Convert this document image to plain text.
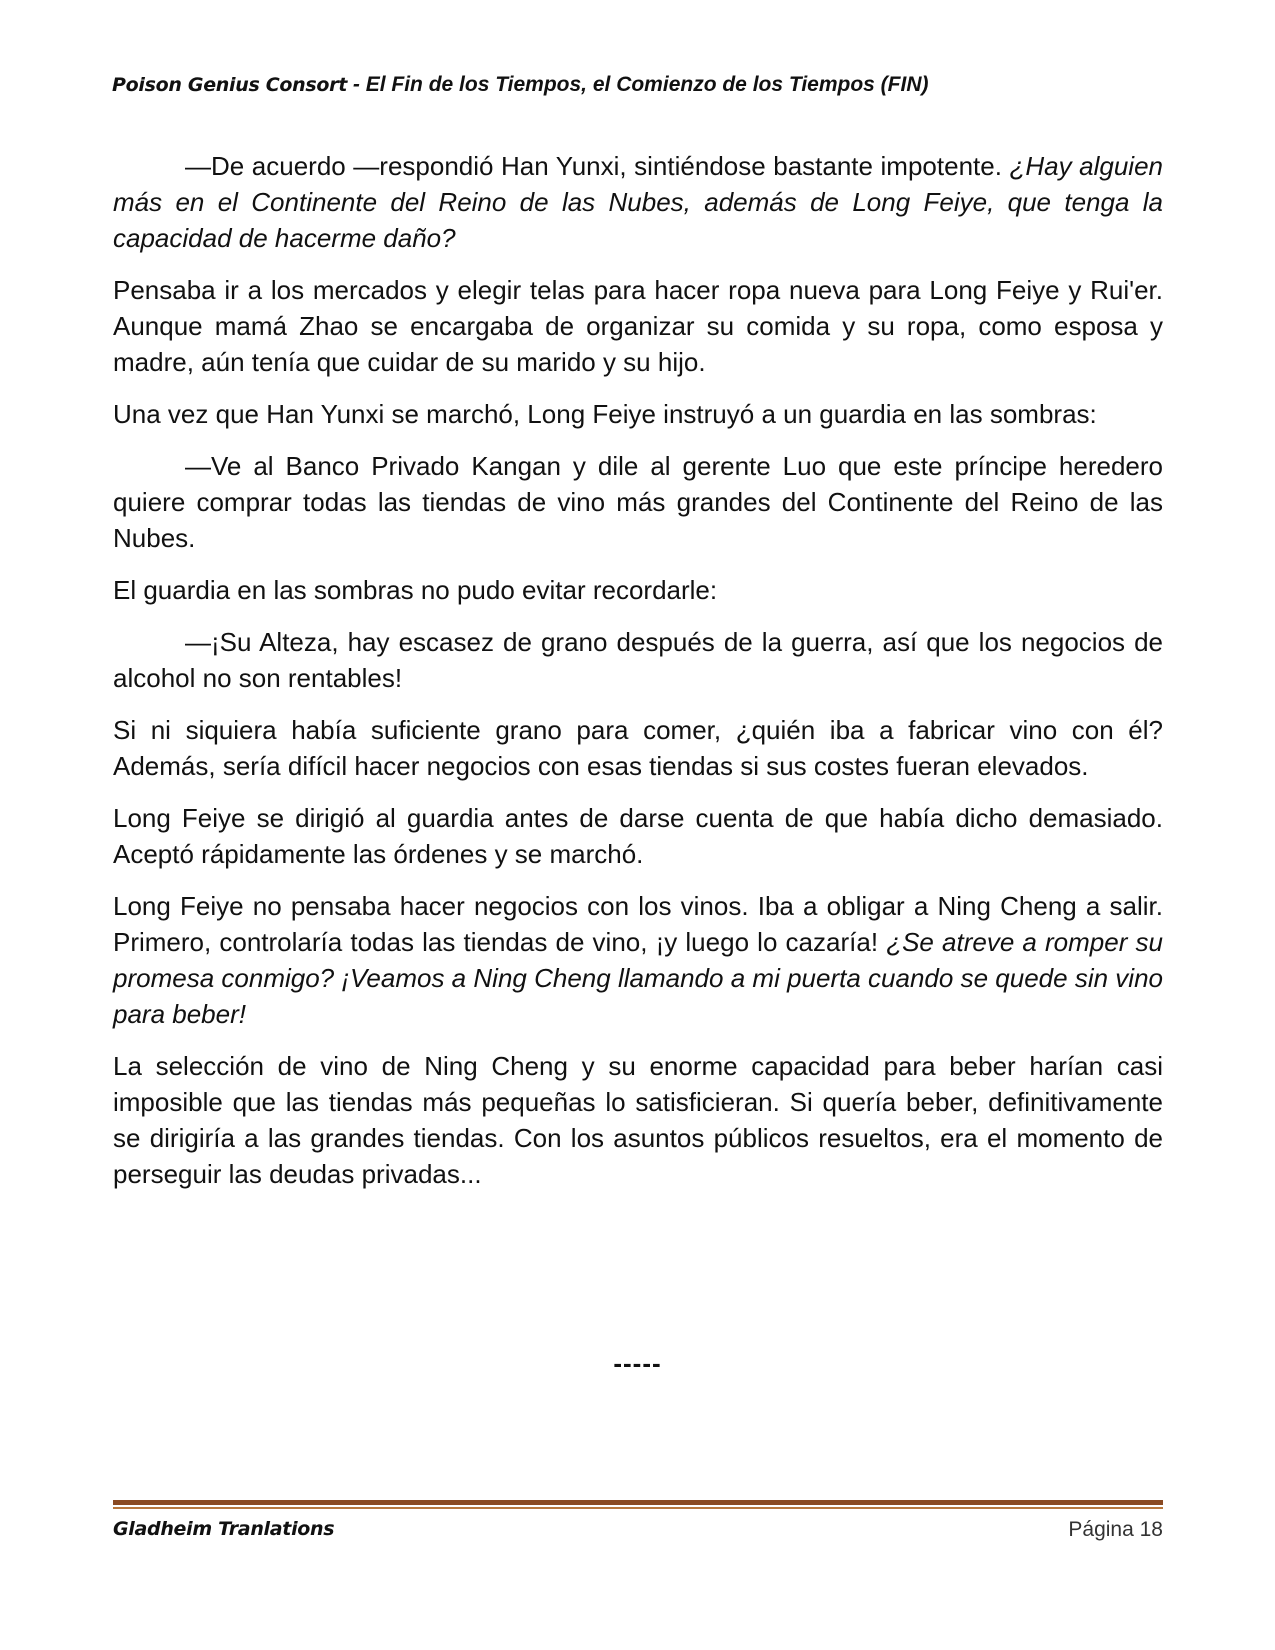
Poison Genius Consort - El Fin de los Tiempos, el Comienzo de los Tiempos (FIN)

—De acuerdo —respondió Han Yunxi, sintiéndose bastante impotente. ¿Hay alguien más en el Continente del Reino de las Nubes, además de Long Feiye, que tenga la capacidad de hacerme daño?

Pensaba ir a los mercados y elegir telas para hacer ropa nueva para Long Feiye y Rui'er. Aunque mamá Zhao se encargaba de organizar su comida y su ropa, como esposa y madre, aún tenía que cuidar de su marido y su hijo.

Una vez que Han Yunxi se marchó, Long Feiye instruyó a un guardia en las sombras:

—Ve al Banco Privado Kangan y dile al gerente Luo que este príncipe heredero quiere comprar todas las tiendas de vino más grandes del Continente del Reino de las Nubes.

El guardia en las sombras no pudo evitar recordarle:

—¡Su Alteza, hay escasez de grano después de la guerra, así que los negocios de alcohol no son rentables!

Si ni siquiera había suficiente grano para comer, ¿quién iba a fabricar vino con él? Además, sería difícil hacer negocios con esas tiendas si sus costes fueran elevados.

Long Feiye se dirigió al guardia antes de darse cuenta de que había dicho demasiado. Aceptó rápidamente las órdenes y se marchó.

Long Feiye no pensaba hacer negocios con los vinos. Iba a obligar a Ning Cheng a salir. Primero, controlaría todas las tiendas de vino, ¡y luego lo cazaría! ¿Se atreve a romper su promesa conmigo? ¡Veamos a Ning Cheng llamando a mi puerta cuando se quede sin vino para beber!

La selección de vino de Ning Cheng y su enorme capacidad para beber harían casi imposible que las tiendas más pequeñas lo satisficieran. Si quería beber, definitivamente se dirigiría a las grandes tiendas. Con los asuntos públicos resueltos, era el momento de perseguir las deudas privadas...

-----
Gladheim Tranlations	Página 18
